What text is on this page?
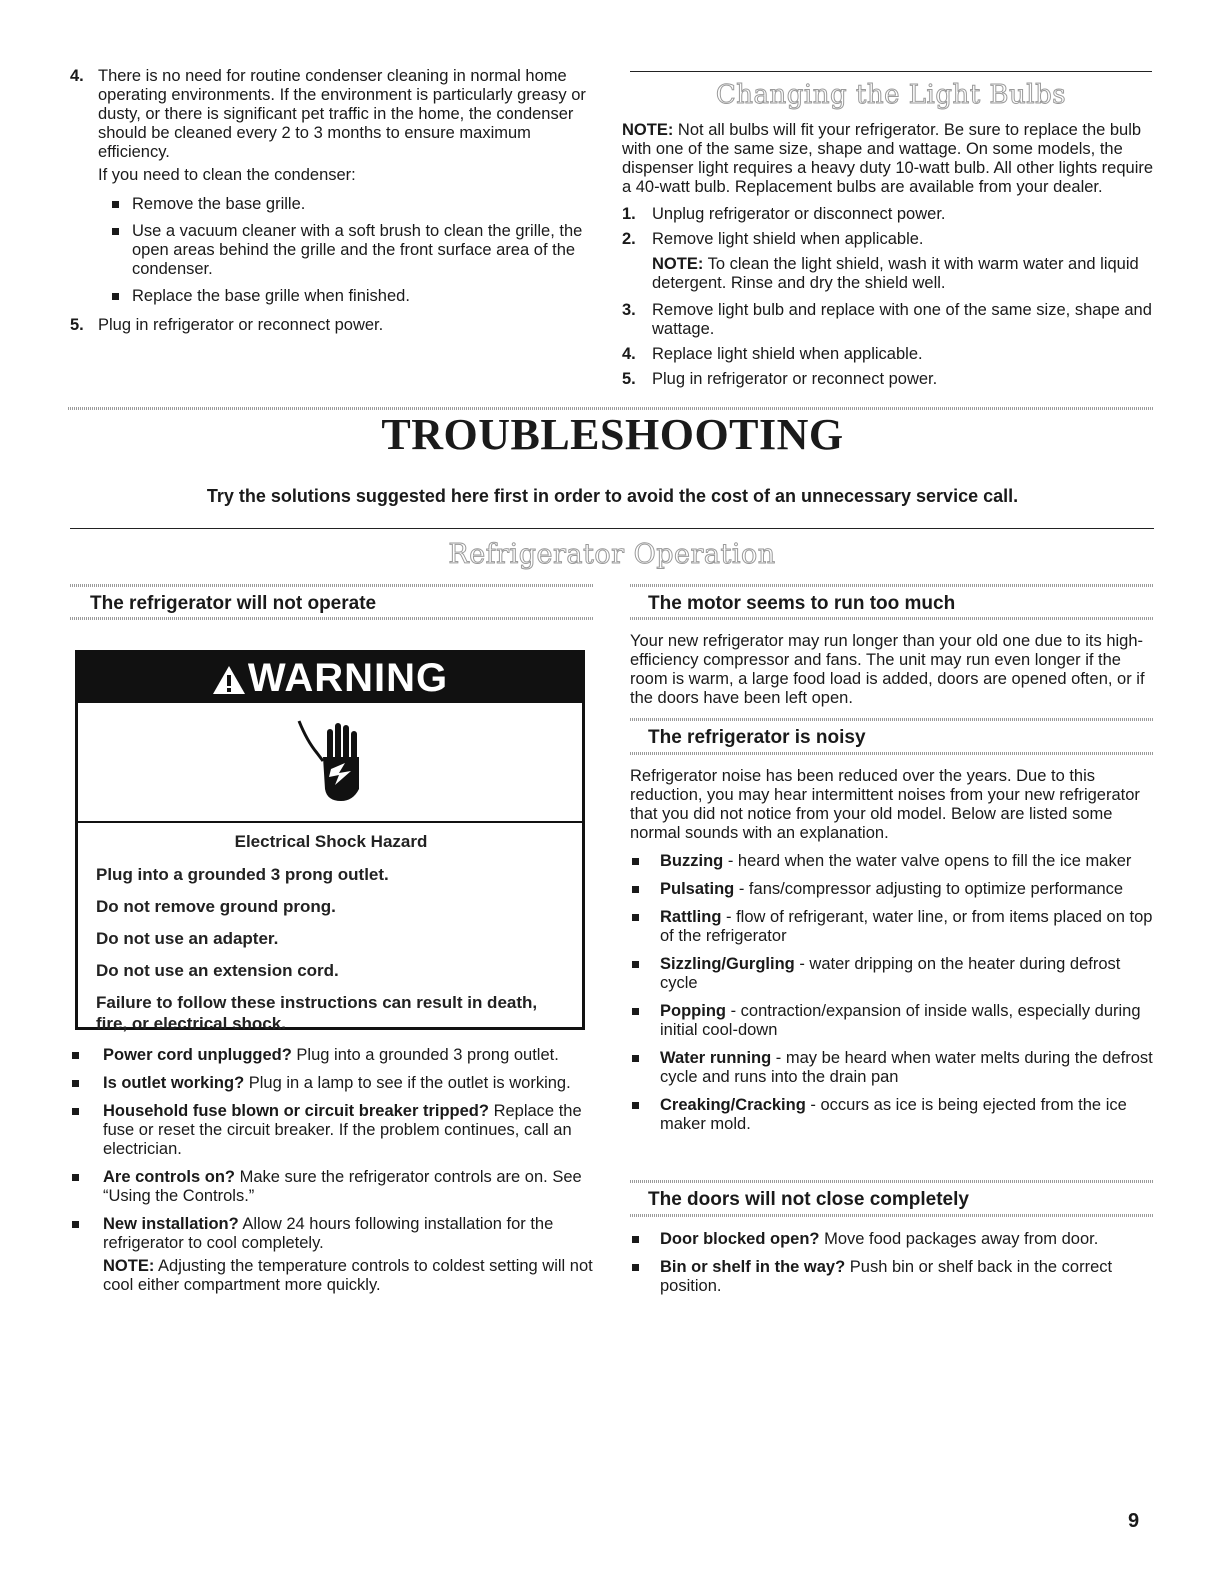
4. There is no need for routine condenser cleaning in normal home operating environments. If the environment is particularly greasy or dusty, or there is significant pet traffic in the home, the condenser should be cleaned every 2 to 3 months to ensure maximum efficiency.
If you need to clean the condenser:
Remove the base grille.
Use a vacuum cleaner with a soft brush to clean the grille, the open areas behind the grille and the front surface area of the condenser.
Replace the base grille when finished.
5. Plug in refrigerator or reconnect power.
Changing the Light Bulbs
NOTE: Not all bulbs will fit your refrigerator. Be sure to replace the bulb with one of the same size, shape and wattage. On some models, the dispenser light requires a heavy duty 10-watt bulb. All other lights require a 40-watt bulb. Replacement bulbs are available from your dealer.
1. Unplug refrigerator or disconnect power.
2. Remove light shield when applicable.
NOTE: To clean the light shield, wash it with warm water and liquid detergent. Rinse and dry the shield well.
3. Remove light bulb and replace with one of the same size, shape and wattage.
4. Replace light shield when applicable.
5. Plug in refrigerator or reconnect power.
TROUBLESHOOTING
Try the solutions suggested here first in order to avoid the cost of an unnecessary service call.
Refrigerator Operation
The refrigerator will not operate
WARNING
Electrical Shock Hazard

Plug into a grounded 3 prong outlet.

Do not remove ground prong.

Do not use an adapter.

Do not use an extension cord.

Failure to follow these instructions can result in death, fire, or electrical shock.

Power cord unplugged? Plug into a grounded 3 prong outlet.
Is outlet working? Plug in a lamp to see if the outlet is working.
Household fuse blown or circuit breaker tripped? Replace the fuse or reset the circuit breaker. If the problem continues, call an electrician.
Are controls on? Make sure the refrigerator controls are on. See “Using the Controls.”
New installation? Allow 24 hours following installation for the refrigerator to cool completely.
NOTE: Adjusting the temperature controls to coldest setting will not cool either compartment more quickly.
The motor seems to run too much
Your new refrigerator may run longer than your old one due to its high-efficiency compressor and fans. The unit may run even longer if the room is warm, a large food load is added, doors are opened often, or if the doors have been left open.
The refrigerator is noisy
Refrigerator noise has been reduced over the years. Due to this reduction, you may hear intermittent noises from your new refrigerator that you did not notice from your old model. Below are listed some normal sounds with an explanation.
Buzzing - heard when the water valve opens to fill the ice maker
Pulsating - fans/compressor adjusting to optimize performance
Rattling - flow of refrigerant, water line, or from items placed on top of the refrigerator
Sizzling/Gurgling - water dripping on the heater during defrost cycle
Popping - contraction/expansion of inside walls, especially during initial cool-down
Water running - may be heard when water melts during the defrost cycle and runs into the drain pan
Creaking/Cracking - occurs as ice is being ejected from the ice maker mold.
The doors will not close completely
Door blocked open? Move food packages away from door.
Bin or shelf in the way? Push bin or shelf back in the correct position.
9
